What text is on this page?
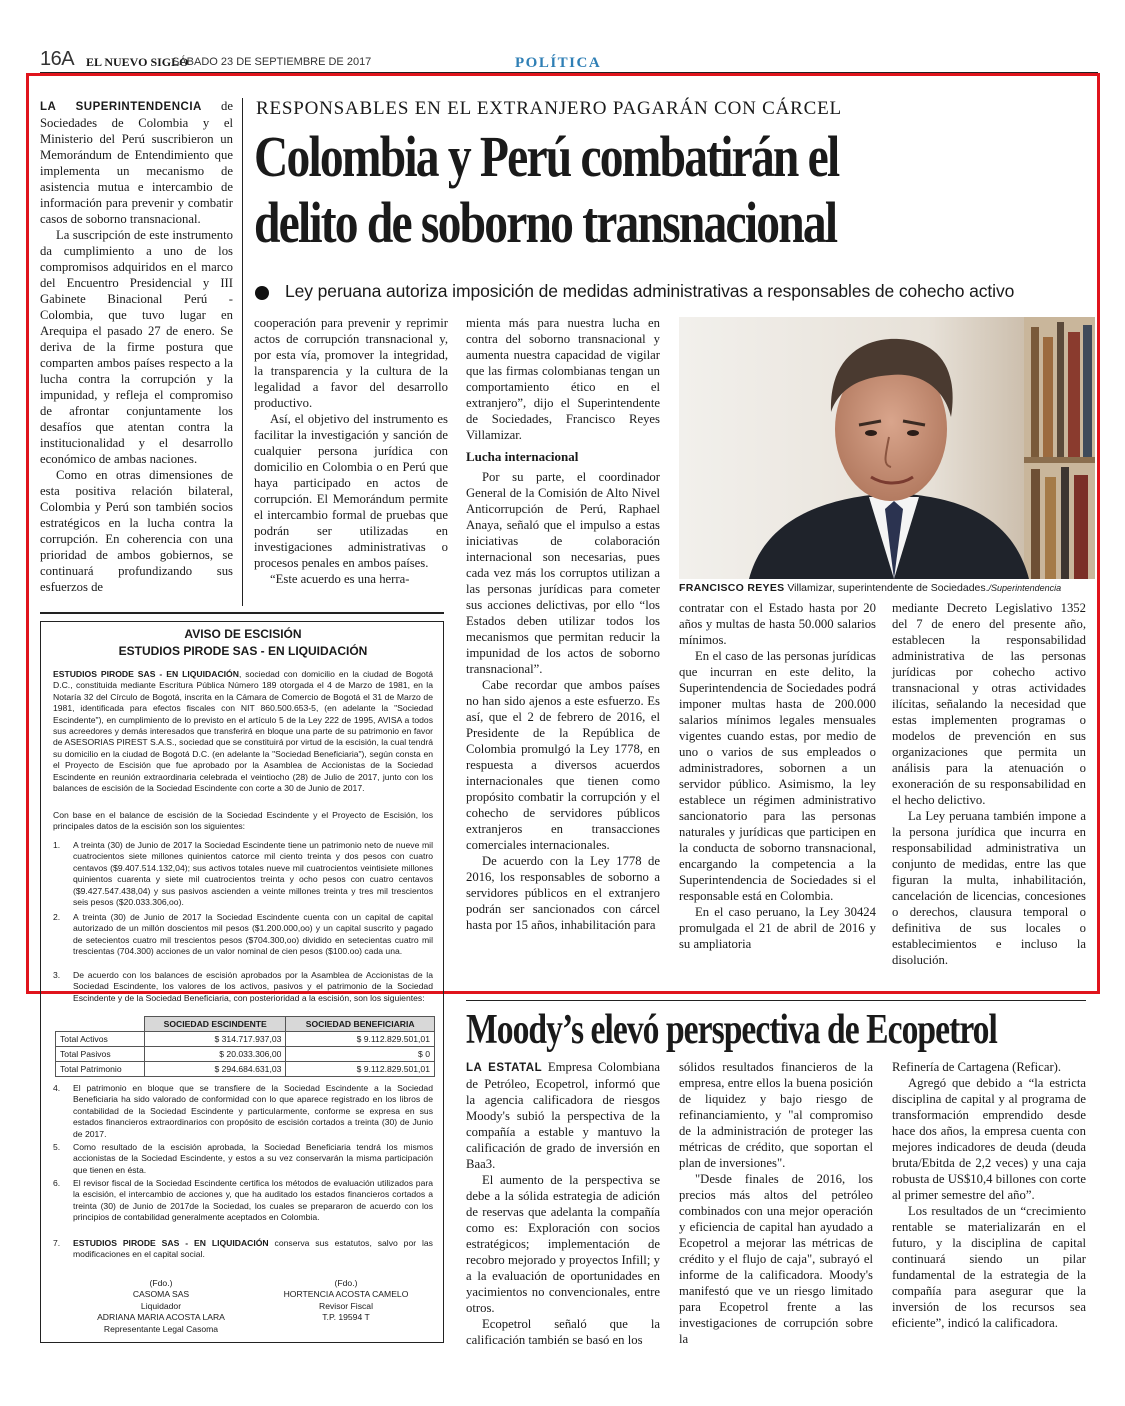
16A EL NUEVO SIGLO
SÁBADO 23 DE SEPTIEMBRE DE 2017	POLÍTICA

LA SUPERINTENDENCIA de Sociedades de Colombia y el Ministerio del Perú suscribieron un Memorándum de Entendimiento que implementa un mecanismo de asistencia mutua e intercambio de información para prevenir y combatir casos de soborno transnacional.

La suscripción de este instrumento da cumplimiento a uno de los compromisos adquiridos en el marco del Encuentro Presidencial y III Gabinete Binacional Perú - Colombia, que tuvo lugar en Arequipa el pasado 27 de enero. Se deriva de la firme postura que comparten ambos países respecto a la lucha contra la corrupción y la impunidad, y refleja el compromiso de afrontar conjuntamente los desafíos que atentan contra la institucionalidad y el desarrollo económico de ambas naciones.

Como en otras dimensiones de esta positiva relación bilateral, Colombia y Perú son también socios estratégicos en la lucha contra la corrupción. En coherencia con una prioridad de ambos gobiernos, se continuará profundizando sus esfuerzos de

RESPONSABLES EN EL EXTRANJERO PAGARÁN CON CÁRCEL
Colombia y Perú combatirán el delito de soborno transnacional
Ley peruana autoriza imposición de medidas administrativas a responsables de cohecho activo

cooperación para prevenir y reprimir actos de corrupción transnacional y, por esta vía, promover la integridad, la transparencia y la cultura de la legalidad a favor del desarrollo productivo.

Así, el objetivo del instrumento es facilitar la investigación y sanción de cualquier persona jurídica con domicilio en Colombia o en Perú que haya participado en actos de corrupción. El Memorándum permite el intercambio formal de pruebas que podrán ser utilizadas en investigaciones administrativas o procesos penales en ambos países.

“Este acuerdo es una herra-

mienta más para nuestra lucha en contra del soborno transnacional y aumenta nuestra capacidad de vigilar que las firmas colombianas tengan un comportamiento ético en el extranjero”, dijo el Superintendente de Sociedades, Francisco Reyes Villamizar.

Lucha internacional

Por su parte, el coordinador General de la Comisión de Alto Nivel Anticorrupción de Perú, Raphael Anaya, señaló que el impulso a estas iniciativas de colaboración internacional son necesarias, pues cada vez más los corruptos utilizan a las personas jurídicas para cometer sus acciones delictivas, por ello “los Estados deben utilizar todos los mecanismos que permitan reducir la impunidad de los actos de soborno transnacional”.

Cabe recordar que ambos países no han sido ajenos a este esfuerzo. Es así, que el 2 de febrero de 2016, el Presidente de la República de Colombia promulgó la Ley 1778, en respuesta a diversos acuerdos internacionales que tienen como propósito combatir la corrupción y el cohecho de servidores públicos extranjeros en transacciones comerciales internacionales.

De acuerdo con la Ley 1778 de 2016, los responsables de soborno a servidores públicos en el extranjero podrán ser sancionados con cárcel hasta por 15 años, inhabilitación para

FRANCISCO REYES Villamizar, superintendente de Sociedades./Superintendencia

contratar con el Estado hasta por 20 años y multas de hasta 50.000 salarios mínimos.

En el caso de las personas jurídicas que incurran en este delito, la Superintendencia de Sociedades podrá imponer multas hasta de 200.000 salarios mínimos legales mensuales vigentes cuando estas, por medio de uno o varios de sus empleados o administradores, sobornen a un servidor público. Asimismo, la ley establece un régimen administrativo sancionatorio para las personas naturales y jurídicas que participen en la conducta de soborno transnacional, encargando la competencia a la Superintendencia de Sociedades si el responsable está en Colombia.

En el caso peruano, la Ley 30424 promulgada el 21 de abril de 2016 y su ampliatoria

mediante Decreto Legislativo 1352 del 7 de enero del presente año, establecen la responsabilidad administrativa de las personas jurídicas por cohecho activo transnacional y otras actividades ilícitas, señalando la necesidad que estas implementen programas o modelos de prevención en sus organizaciones que permita un análisis para la atenuación o exoneración de su responsabilidad en el hecho delictivo.

La Ley peruana también impone a la persona jurídica que incurra en responsabilidad administrativa un conjunto de medidas, entre las que figuran la multa, inhabilitación, cancelación de licencias, concesiones o derechos, clausura temporal o definitiva de sus locales o establecimientos e incluso la disolución.

AVISO DE ESCISIÓN
ESTUDIOS PIRODE SAS - EN LIQUIDACIÓN
ESTUDIOS PIRODE SAS - EN LIQUIDACIÓN, sociedad con domicilio en la ciudad de Bogotá D.C., constituida mediante Escritura Pública Número 189 otorgada el 4 de Marzo de 1981, en la Notaría 32 del Círculo de Bogotá, inscrita en la Cámara de Comercio de Bogotá el 31 de Marzo de 1981, identificada para efectos fiscales con NIT 860.500.653-5, (en adelante la "Sociedad Escindente"), en cumplimiento de lo previsto en el artículo 5 de la Ley 222 de 1995, AVISA a todos sus acreedores y demás interesados que transferirá en bloque una parte de su patrimonio en favor de ASESORIAS PIREST S.A.S., sociedad que se constituirá por virtud de la escisión, la cual tendrá su domicilio en la ciudad de Bogotá D.C. (en adelante la "Sociedad Beneficiaria"), según consta en el Proyecto de Escisión que fue aprobado por la Asamblea de Accionistas de la Sociedad Escindente en reunión extraordinaria celebrada el veintiocho (28) de Julio de 2017, junto con los balances de escisión de la Sociedad Escindente con corte a 30 de Junio de 2017.
Con base en el balance de escisión de la Sociedad Escindente y el Proyecto de Escisión, los principales datos de la escisión son los siguientes:
1. A treinta (30) de Junio de 2017 la Sociedad Escindente tiene un patrimonio neto de nueve mil cuatrocientos siete millones quinientos catorce mil ciento treinta y dos pesos con cuatro centavos ($9.407.514.132,04); sus activos totales nueve mil cuatrocientos veintisiete millones quinientos cuarenta y siete mil cuatrocientos treinta y ocho pesos con cuatro centavos ($9.427.547.438,04) y sus pasivos ascienden a veinte millones treinta y tres mil trescientos seis pesos ($20.033.306,oo).
2. A treinta (30) de Junio de 2017 la Sociedad Escindente cuenta con un capital de capital autorizado de un millón doscientos mil pesos ($1.200.000,oo) y un capital suscrito y pagado de setecientos cuatro mil trescientos pesos ($704.300,oo) dividido en setecientas cuatro mil trescientas (704.300) acciones de un valor nominal de cien pesos ($100.oo) cada una.
3. De acuerdo con los balances de escisión aprobados por la Asamblea de Accionistas de la Sociedad Escindente, los valores de los activos, pasivos y el patrimonio de la Sociedad Escindente y de la Sociedad Beneficiaria, con posterioridad a la escisión, son los siguientes:
	SOCIEDAD ESCINDENTE	SOCIEDAD BENEFICIARIA
Total Activos	$ 314.717.937,03	$ 9.112.829.501,01
Total Pasivos	$ 20.033.306,00	$ 0
Total Patrimonio	$ 294.684.631,03	$ 9.112.829.501,01
4. El patrimonio en bloque que se transfiere de la Sociedad Escindente a la Sociedad Beneficiaria ha sido valorado de conformidad con lo que aparece registrado en los libros de contabilidad de la Sociedad Escindente y particularmente, conforme se expresa en sus estados financieros extraordinarios con propósito de escisión cortados a treinta (30) de Junio de 2017.
5. Como resultado de la escisión aprobada, la Sociedad Beneficiaria tendrá los mismos accionistas de la Sociedad Escindente, y estos a su vez conservarán la misma participación que tienen en ésta.
6. El revisor fiscal de la Sociedad Escindente certifica los métodos de evaluación utilizados para la escisión, el intercambio de acciones y, que ha auditado los estados financieros cortados a treinta (30) de Junio de 2017de la Sociedad, los cuales se prepararon de acuerdo con los principios de contabilidad generalmente aceptados en Colombia.
7. ESTUDIOS PIRODE SAS - EN LIQUIDACIÓN conserva sus estatutos, salvo por las modificaciones en el capital social.
(Fdo.)
CASOMA SAS
Liquidador
ADRIANA MARIA ACOSTA LARA
Representante Legal Casoma
(Fdo.)
HORTENCIA ACOSTA CAMELO
Revisor Fiscal
T.P. 19594 T
Moody’s elevó perspectiva de Ecopetrol

LA ESTATAL Empresa Colombiana de Petróleo, Ecopetrol, informó que la agencia calificadora de riesgos Moody's subió la perspectiva de la compañía a estable y mantuvo la calificación de grado de inversión en Baa3.

El aumento de la perspectiva se debe a la sólida estrategia de adición de reservas que adelanta la compañía como es: Exploración con socios estratégicos; implementación de recobro mejorado y proyectos Infill; y a la evaluación de oportunidades en yacimientos no convencionales, entre otros.

Ecopetrol señaló que la calificación también se basó en los

sólidos resultados financieros de la empresa, entre ellos la buena posición de liquidez y bajo riesgo de refinanciamiento, y "al compromiso de la administración de proteger las métricas de crédito, que soportan el plan de inversiones".

"Desde finales de 2016, los precios más altos del petróleo combinados con una mejor operación y eficiencia de capital han ayudado a Ecopetrol a mejorar las métricas de crédito y el flujo de caja", subrayó el informe de la calificadora. Moody's manifestó que ve un riesgo limitado para Ecopetrol frente a las investigaciones de corrupción sobre la

Refinería de Cartagena (Reficar).

Agregó que debido a “la estricta disciplina de capital y al programa de transformación emprendido desde hace dos años, la empresa cuenta con mejores indicadores de deuda (deuda bruta/Ebitda de 2,2 veces) y una caja robusta de US$10,4 billones con corte al primer semestre del año”.

Los resultados de un “crecimiento rentable se materializarán en el futuro, y la disciplina de capital continuará siendo un pilar fundamental de la estrategia de la compañía para asegurar que la inversión de los recursos sea eficiente”, indicó la calificadora.
